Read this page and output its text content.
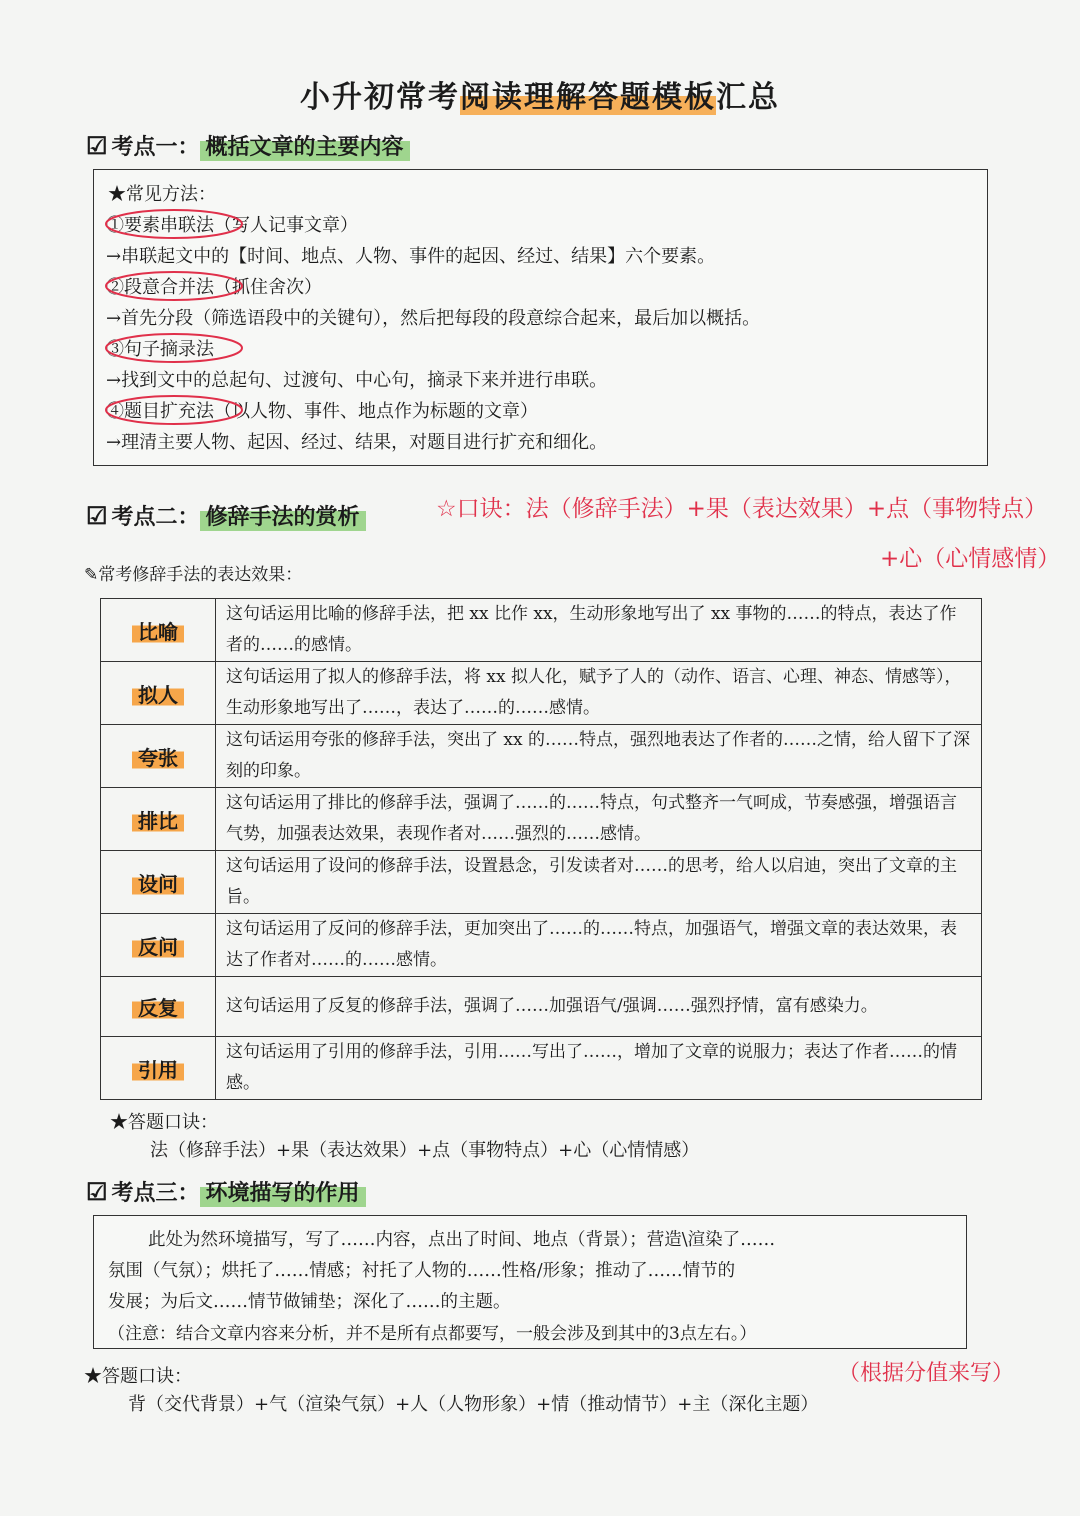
小升初常考阅读理解答题模板汇总
☑ 考点一： 概括文章的主要内容
★常见方法：
①要素串联法（写人记事文章）
→串联起文中的【时间、地点、人物、事件的起因、经过、结果】六个要素。
②段意合并法（抓住舍次）
→首先分段（筛选语段中的关键句），然后把每段的段意综合起来，最后加以概括。
③句子摘录法
→找到文中的总起句、过渡句、中心句，摘录下来并进行串联。
④题目扩充法（以人物、事件、地点作为标题的文章）
→理清主要人物、起因、经过、结果，对题目进行扩充和细化。
☑ 考点二： 修辞手法的赏析	☆口诀：法（修辞手法）+果（表达效果）+点（事物特点）
+心（心情感情）
✎常考修辞手法的表达效果：
比喻	这句话运用比喻的修辞手法，把 xx 比作 xx，生动形象地写出了 xx 事物的……的特点，表达了作者的……的感情。
拟人	这句话运用了拟人的修辞手法，将 xx 拟人化，赋予了人的（动作、语言、心理、神态、情感等），生动形象地写出了……，表达了……的……感情。
夸张	这句话运用夸张的修辞手法，突出了 xx 的……特点，强烈地表达了作者的……之情，给人留下了深刻的印象。
排比	这句话运用了排比的修辞手法，强调了……的……特点，句式整齐一气呵成，节奏感强，增强语言气势，加强表达效果，表现作者对……强烈的……感情。
设问	这句话运用了设问的修辞手法，设置悬念，引发读者对……的思考，给人以启迪，突出了文章的主旨。
反问	这句话运用了反问的修辞手法，更加突出了……的……特点，加强语气，增强文章的表达效果，表达了作者对……的……感情。
反复	这句话运用了反复的修辞手法，强调了……加强语气/强调……强烈抒情，富有感染力。
引用	这句话运用了引用的修辞手法，引用……写出了……，增加了文章的说服力；表达了作者……的情感。
★答题口诀：
法（修辞手法）+果（表达效果）+点（事物特点）+心（心情情感）
☑ 考点三： 环境描写的作用
此处为然环境描写，写了……内容，点出了时间、地点（背景）；营造\渲染了……
氛围（气氛）；烘托了……情感；衬托了人物的……性格/形象；推动了……情节的
发展；为后文……情节做铺垫；深化了……的主题。
（注意：结合文章内容来分析，并不是所有点都要写，一般会涉及到其中的3点左右。）
（根据分值来写）
★答题口诀：
背（交代背景）+气（渲染气氛）+人（人物形象）+情（推动情节）+主（深化主题）
